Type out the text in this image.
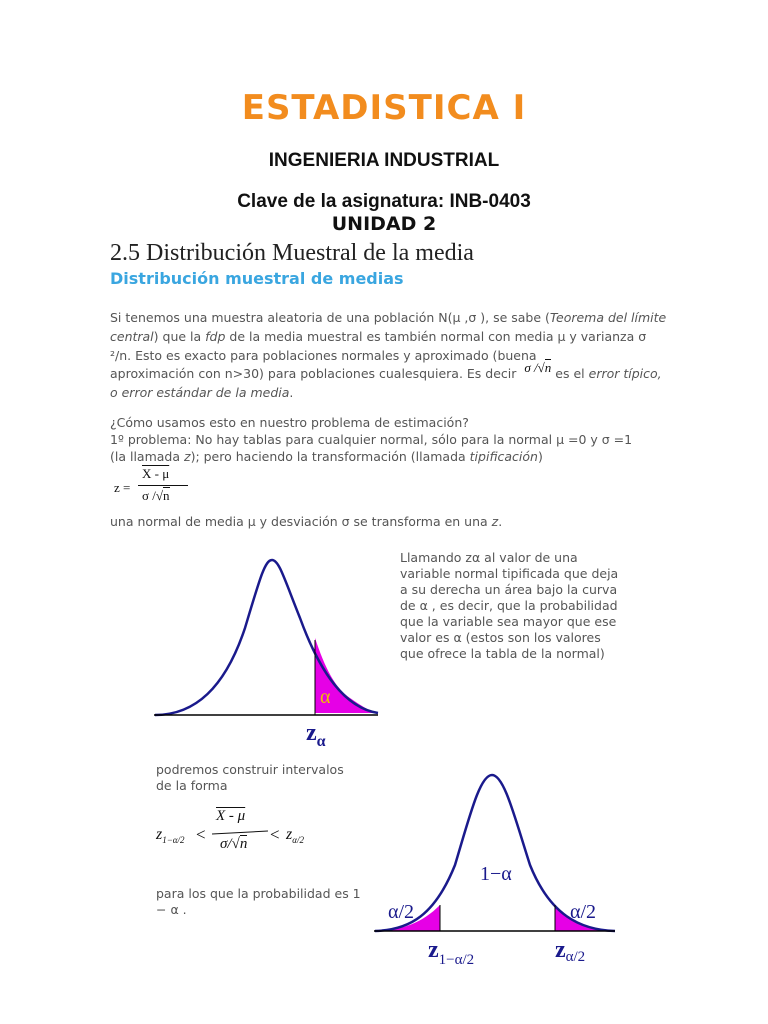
ESTADISTICA I
INGENIERIA INDUSTRIAL
Clave de la asignatura: INB-0403
UNIDAD 2
2.5 Distribución Muestral de la media
Distribución muestral de medias
Si tenemos una muestra aleatoria de una población N(μ ,σ ), se sabe (Teorema del límite central) que la fdp de la media muestral es también normal con media μ y varianza σ ²/n. Esto es exacto para poblaciones normales y aproximado (buena
aproximación con n>30) para poblaciones cualesquiera. Es decir σ /√n es el error típico, o error estándar de la media.
¿Cómo usamos esto en nuestro problema de estimación?
1º problema: No hay tablas para cualquier normal, sólo para la normal μ =0 y σ =1
(la llamada z); pero haciendo la transformación (llamada tipificación)
z =
X - μ
σ /√n
una normal de media μ y desviación σ se transforma en una z.
α
$z_\alpha$
Llamando zα al valor de una variable normal tipificada que deja a su derecha un área bajo la curva de α , es decir, que la probabilidad que la variable sea mayor que ese valor es α (estos son los valores que ofrece la tabla de la normal)
podremos construir intervalos de la forma
$z_{1-\alpha/2}$ <
X - μ
$\sigma/√n < z_{\alpha/2}$
para los que la probabilidad es 1 − α .
1−α
α/2	α/2
$z_{1-\alpha/2}$	zα/2
